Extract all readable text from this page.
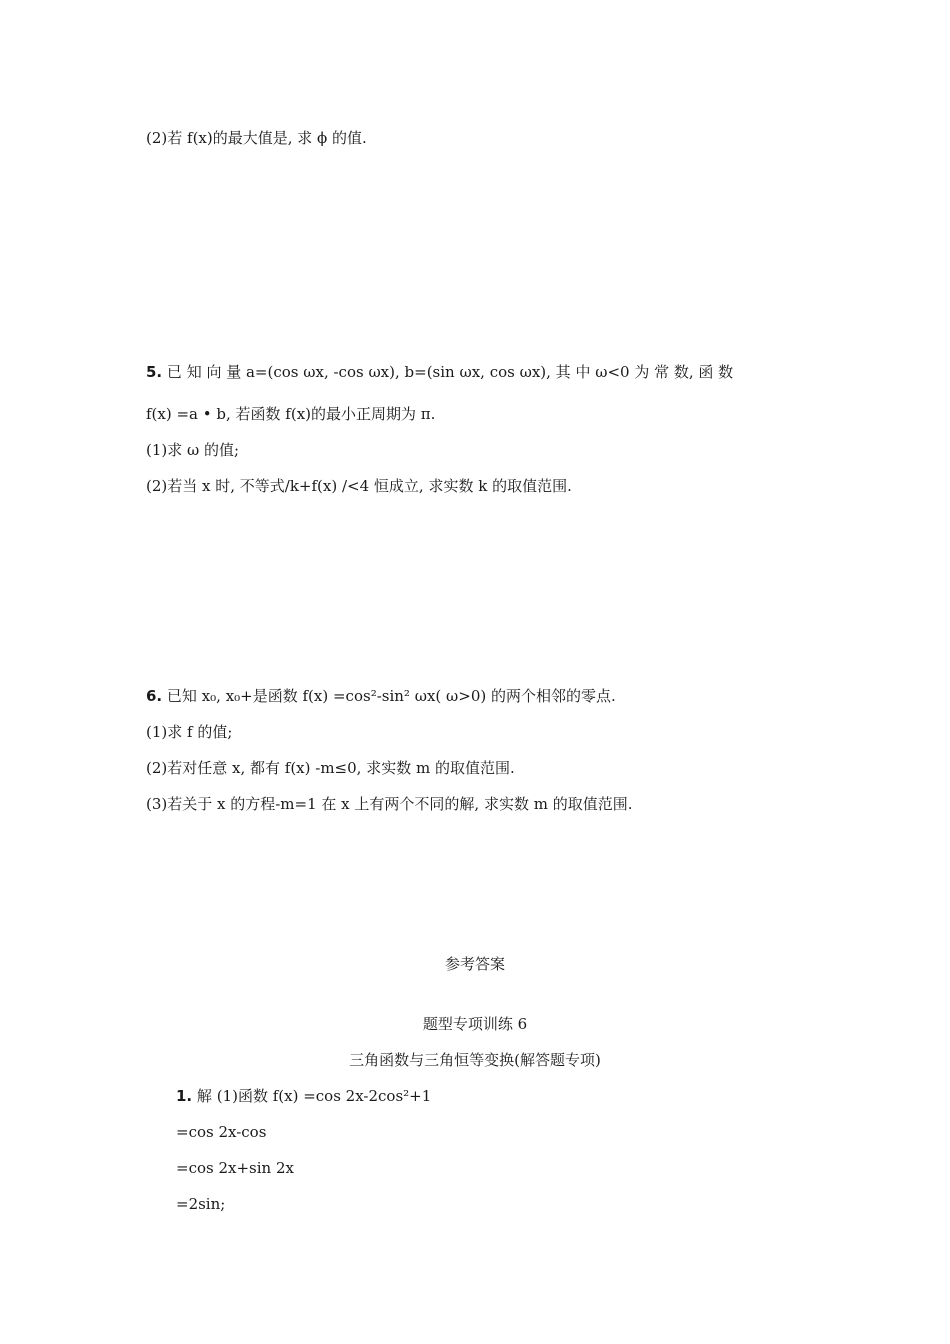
(2)若 f(x)的最大值是, 求 ϕ 的值.
5. 已 知 向 量 a=(cos ωx, -cos ωx), b=(sin ωx, cos ωx), 其 中 ω<0 为 常 数, 函 数
f(x) =a • b, 若函数 f(x)的最小正周期为 π.
(1)求 ω 的值;
(2)若当 x 时, 不等式/k+f(x) /<4 恒成立, 求实数 k 的取值范围.
6. 已知 x₀, x₀+是函数 f(x) =cos²-sin² ωx( ω>0) 的两个相邻的零点.
(1)求 f 的值;
(2)若对任意 x, 都有 f(x) -m≤0, 求实数 m 的取值范围.
(3)若关于 x 的方程-m=1 在 x 上有两个不同的解, 求实数 m 的取值范围.
参考答案
题型专项训练 6
三角函数与三角恒等变换(解答题专项)
1. 解 (1)函数 f(x) =cos 2x-2cos²+1
=cos 2x-cos
=cos 2x+sin 2x
=2sin;
